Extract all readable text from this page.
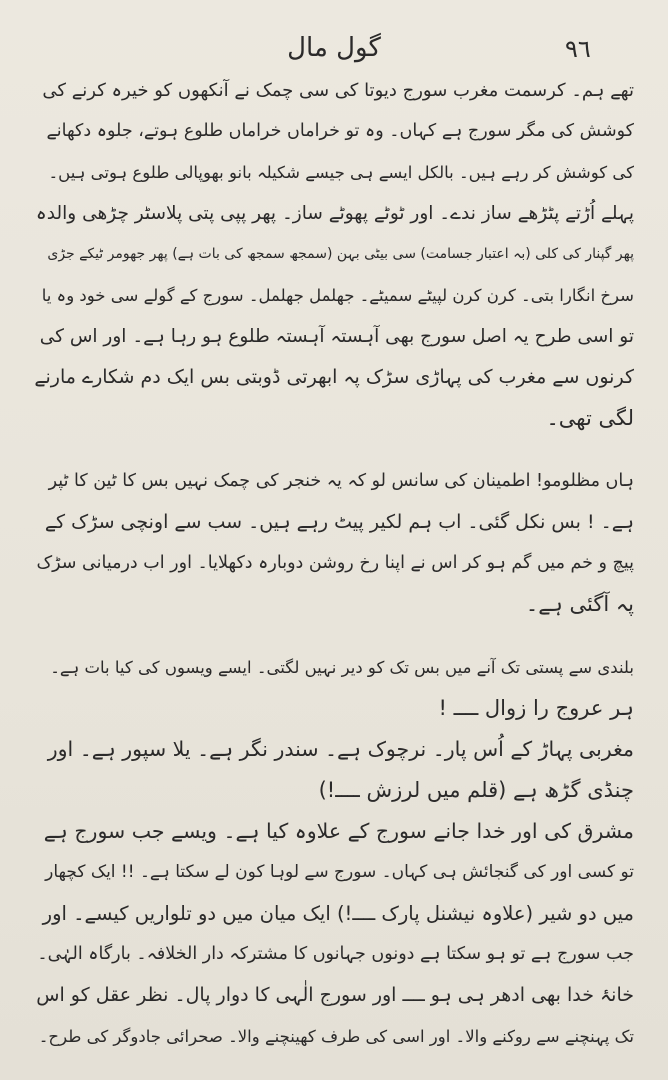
٩٦
گول مال
تھے ہم۔ کرسمت مغرب سورج دیوتا کی سی چمک نے آنکھوں کو خیرہ کرنے کی
کوشش کی مگر سورج ہے کہاں۔ وہ تو خراماں خراماں طلوع ہوتے، جلوہ دکھانے
کی کوشش کر رہے ہیں۔ بالکل ایسے ہی جیسے شکیلہ بانو بھوپالی طلوع ہوتی ہیں۔
پہلے اُڑتے پٹڑھے ساز ندے۔ اور ٹوٹے پھوٹے ساز۔ پھر پپی پتی پلاسٹر چڑھی والدہ
پھر گپنار کی کلی (بہ اعتبار جسامت) سی بیٹی بہن (سمجھ سمجھ کی بات ہے) پھر جھومر ٹیکے جڑی
سرخ انگارا بتی۔ کرن کرن لپیٹے سمیٹے۔ جھلمل جھلمل۔ سورج کے گولے سی خود وہ یا
تو اسی طرح یہ اصل سورج بھی آہستہ آہستہ طلوع ہو رہا ہے۔ اور اس کی
کرنوں سے مغرب کی پہاڑی سڑک پہ ابھرتی ڈوبتی بس ایک دم شکارے مارنے
لگی تھی۔
ہاں مظلومو! اطمینان کی سانس لو کہ یہ خنجر کی چمک نہیں بس کا ٹین کا ٹپر
ہے۔ ! بس نکل گئی۔ اب ہم لکیر پیٹ رہے ہیں۔ سب سے اونچی سڑک کے
پیچ و خم میں گم ہو کر اس نے اپنا رخ روشن دوبارہ دکھلایا۔ اور اب درمیانی سڑک
پہ آگئی ہے۔
بلندی سے پستی تک آنے میں بس تک کو دیر نہیں لگتی۔ ایسے ویسوں کی کیا بات ہے۔
ہر عروج را زوال ــــ !
مغربی پہاڑ کے اُس پار۔ نرچوک ہے۔ سندر نگر ہے۔ یلا سپور ہے۔ اور
چنڈی گڑھ ہے (قلم میں لرزش ــــ!)
مشرق کی اور خدا جانے سورج کے علاوہ کیا ہے۔ ویسے جب سورج ہے
تو کسی اور کی گنجائش ہی کہاں۔ سورج سے لوہا کون لے سکتا ہے۔ !! ایک کچھار
میں دو شیر (علاوہ نیشنل پارک ــــ!) ایک میان میں دو تلواریں کیسے۔ اور
جب سورج ہے تو ہو سکتا ہے دونوں جہانوں کا مشترکہ دار الخلافہ۔ بارگاہ الہٰی۔
خانۂ خدا بھی ادھر ہی ہو ــــ اور سورج الٰہی کا دوار پال۔ نظر عقل کو اس
تک پہنچنے سے روکنے والا۔ اور اسی کی طرف کھینچنے والا۔ صحرائی جادوگر کی طرح۔
